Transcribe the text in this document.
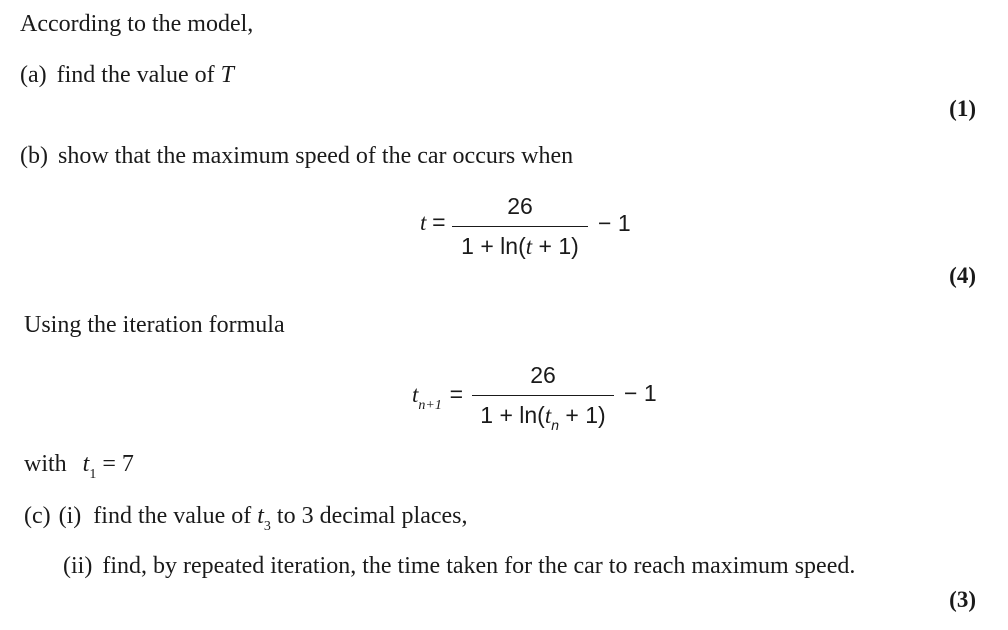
According to the model,
(a) find the value of T
(1)
(b) show that the maximum speed of the car occurs when
t =
26
1 + ln(t + 1)
− 1
(4)
Using the iteration formula
$t_{n+1}$ =
26
$1 + \ln(t_n + 1)$
− 1
with $t_1 = 7$
(c) (i) find the value of $t_3$ to 3 decimal places,
(ii) find, by repeated iteration, the time taken for the car to reach maximum speed.
(3)
